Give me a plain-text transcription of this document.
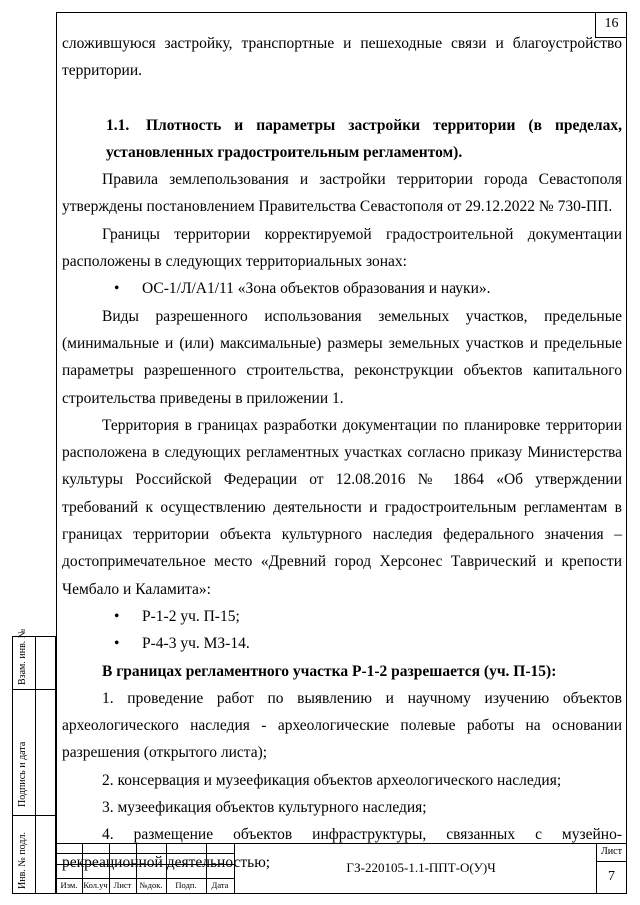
16

сложившуюся застройку, транспортные и пешеходные связи и благоустройство территории.

1.1. Плотность и параметры застройки территории (в пределах, установленных градостроительным регламентом).

Правила землепользования и застройки территории города Севастополя утверждены постановлением Правительства Севастополя от 29.12.2022 № 730-ПП.

Границы территории корректируемой градостроительной документации расположены в следующих территориальных зонах:

•	ОС-1/Л/А1/11 «Зона объектов образования и науки».

Виды разрешенного использования земельных участков, предельные (минимальные и (или) максимальные) размеры земельных участков и предельные параметры разрешенного строительства, реконструкции объектов капитального строительства приведены в приложении 1.

Территория в границах разработки документации по планировке территории расположена в следующих регламентных участках согласно приказу Министерства культуры Российской Федерации от 12.08.2016 № 1864 «Об утверждении требований к осуществлению деятельности и градостроительным регламентам в границах территории объекта культурного наследия федерального значения – достопримечательное место «Древний город Херсонес Таврический и крепости Чембало и Каламита»:

•	Р-1-2 уч. П-15;
•	Р-4-3 уч. МЗ-14.

В границах регламентного участка Р-1-2 разрешается (уч. П-15):

1. проведение работ по выявлению и научному изучению объектов археологического наследия - археологические полевые работы на основании разрешения (открытого листа);

2. консервация и музеефикация объектов археологического наследия;

3. музеефикация объектов культурного наследия;

4. размещение объектов инфраструктуры, связанных с музейно- рекреационной деятельностью;

Взам. инв. №
Подпись и дата
Инв. № подл.	Изм. Кол.уч Лист №док.	Подп.	Дата
ГЗ-220105-1.1-ППТ-О(У)Ч
Лист
7
